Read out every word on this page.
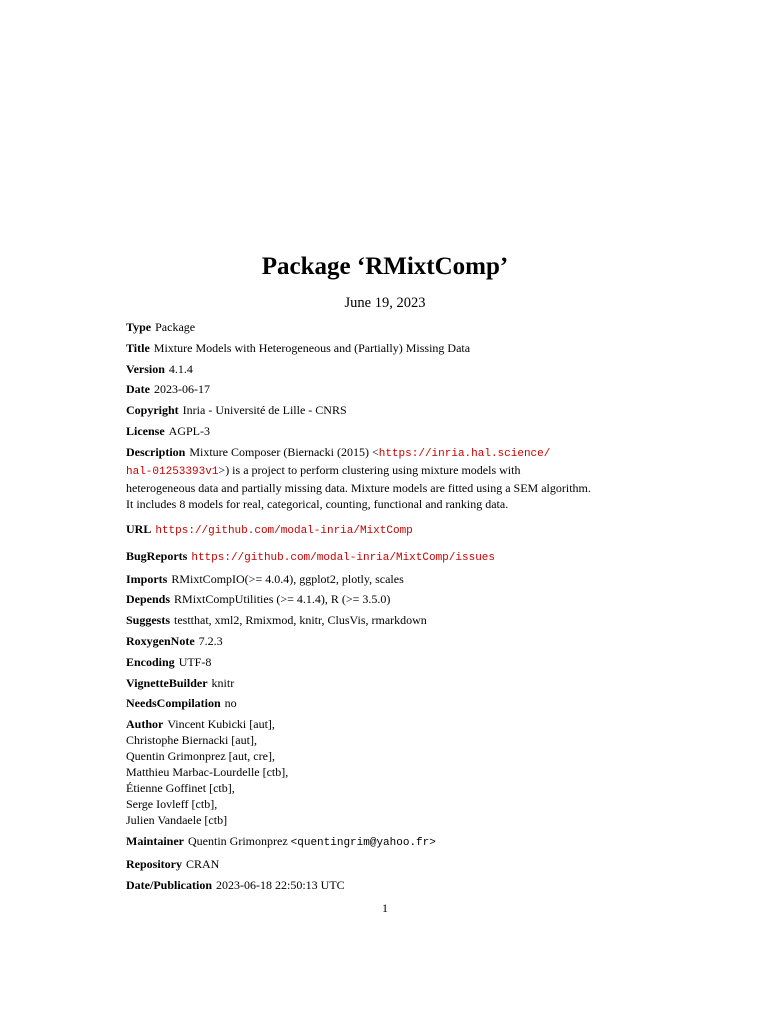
Package ‘RMixtComp’
June 19, 2023
Type Package
Title Mixture Models with Heterogeneous and (Partially) Missing Data
Version 4.1.4
Date 2023-06-17
Copyright Inria - Université de Lille - CNRS
License AGPL-3
Description Mixture Composer (Biernacki (2015) <https://inria.hal.science/
hal-01253393v1>) is a project to perform clustering using mixture models with
heterogeneous data and partially missing data. Mixture models are fitted using a SEM algorithm.
It includes 8 models for real, categorical, counting, functional and ranking data.
URL https://github.com/modal-inria/MixtComp
BugReports https://github.com/modal-inria/MixtComp/issues
Imports RMixtCompIO(>= 4.0.4), ggplot2, plotly, scales
Depends RMixtCompUtilities (>= 4.1.4), R (>= 3.5.0)
Suggests testthat, xml2, Rmixmod, knitr, ClusVis, rmarkdown
RoxygenNote 7.2.3
Encoding UTF-8
VignetteBuilder knitr
NeedsCompilation no
Author Vincent Kubicki [aut],
Christophe Biernacki [aut],
Quentin Grimonprez [aut, cre],
Matthieu Marbac-Lourdelle [ctb],
Étienne Goffinet [ctb],
Serge Iovleff [ctb],
Julien Vandaele [ctb]
Maintainer Quentin Grimonprez <quentingrim@yahoo.fr>
Repository CRAN
Date/Publication 2023-06-18 22:50:13 UTC
1
